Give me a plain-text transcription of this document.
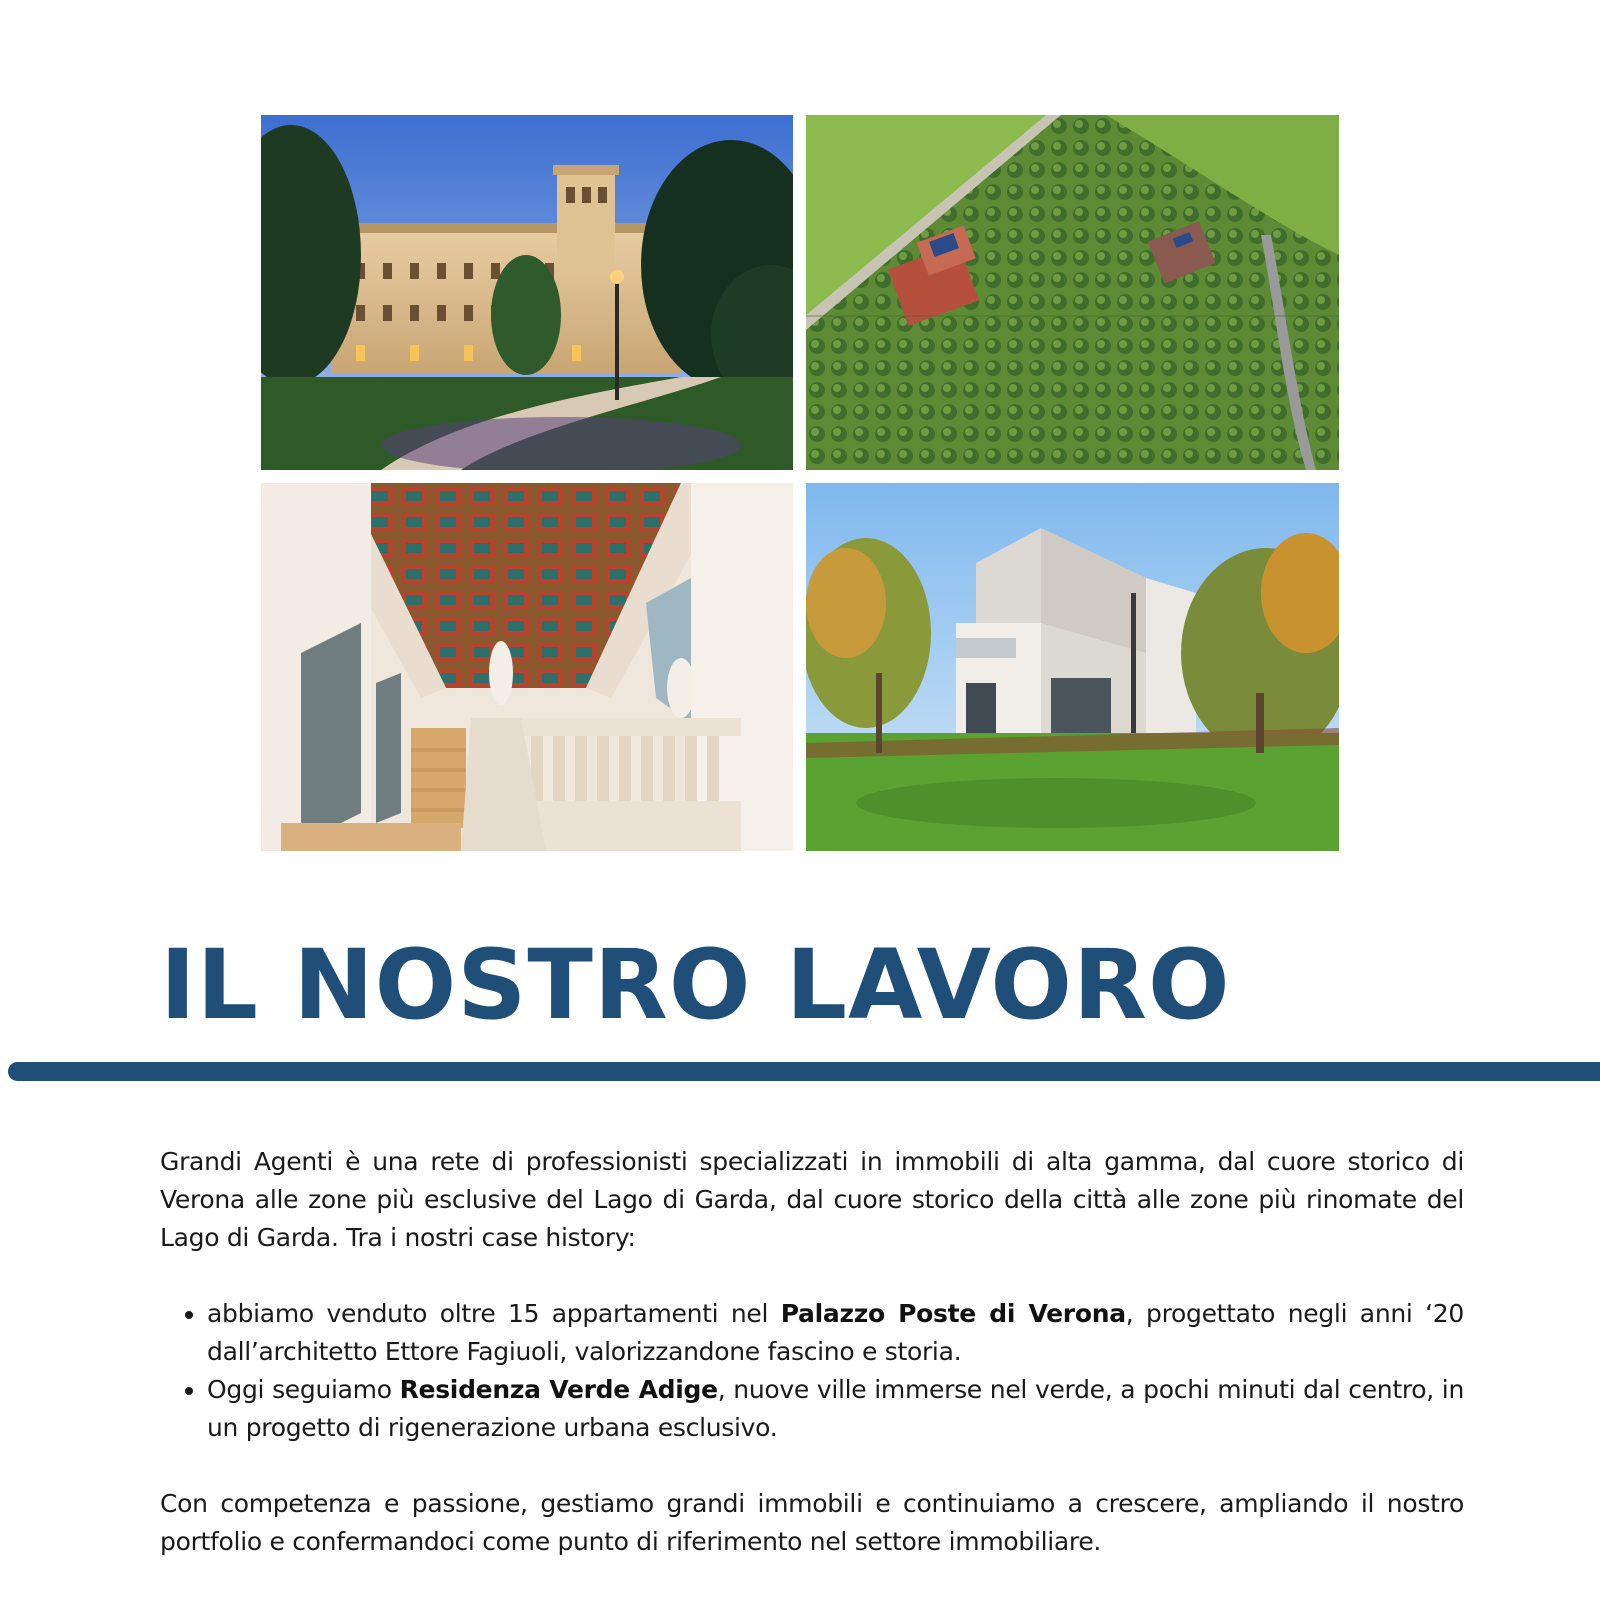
IL NOSTRO LAVORO

Grandi Agenti è una rete di professionisti specializzati in immobili di alta gamma, dal cuore storico di Verona alle zone più esclusive del Lago di Garda, dal cuore storico della città alle zone più rinomate del Lago di Garda. Tra i nostri case history:

• abbiamo venduto oltre 15 appartamenti nel Palazzo Poste di Verona, progettato negli anni ‘20 dall’architetto Ettore Fagiuoli, valorizzandone fascino e storia.
• Oggi seguiamo Residenza Verde Adige, nuove ville immerse nel verde, a pochi minuti dal centro, in un progetto di rigenerazione urbana esclusivo.

Con competenza e passione, gestiamo grandi immobili e continuiamo a crescere, ampliando il nostro portfolio e confermandoci come punto di riferimento nel settore immobiliare.
